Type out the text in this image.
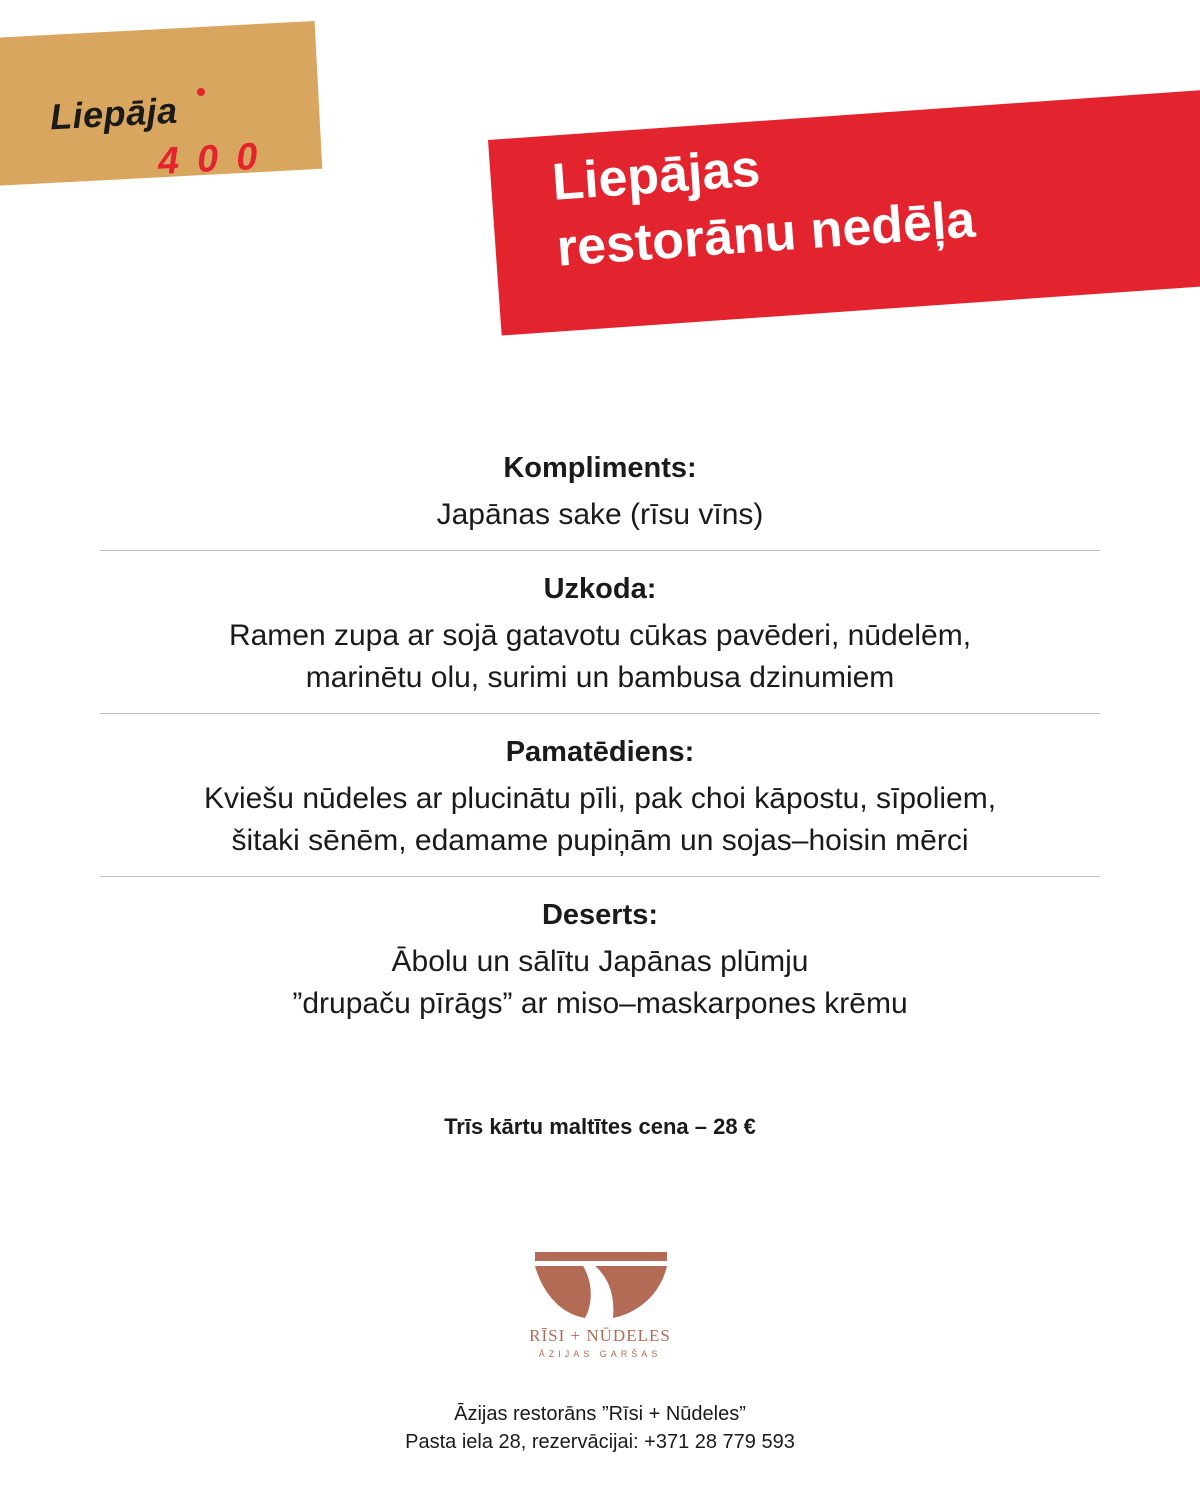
Liepāja
400	Liepājas
restorānu nedēļa

Kompliments:

Japānas sake (rīsu vīns)

Uzkoda:

Ramen zupa ar sojā gatavotu cūkas pavēderi, nūdelēm,
marinētu olu, surimi un bambusa dzinumiem

Pamatēdiens:

Kviešu nūdeles ar plucinātu pīli, pak choi kāpostu, sīpoliem,
šitaki sēnēm, edamame pupiņām un sojas–hoisin mērci

Deserts:

Ābolu un sālītu Japānas plūmju
”drupaču pīrāgs” ar miso–maskarpones krēmu
Trīs kārtu maltītes cena – 28 €
RĪSI + NŪDELES
ĀZIJAS GARŠAS
Āzijas restorāns ”Rīsi + Nūdeles”
Pasta iela 28, rezervācijai: +371 28 779 593
